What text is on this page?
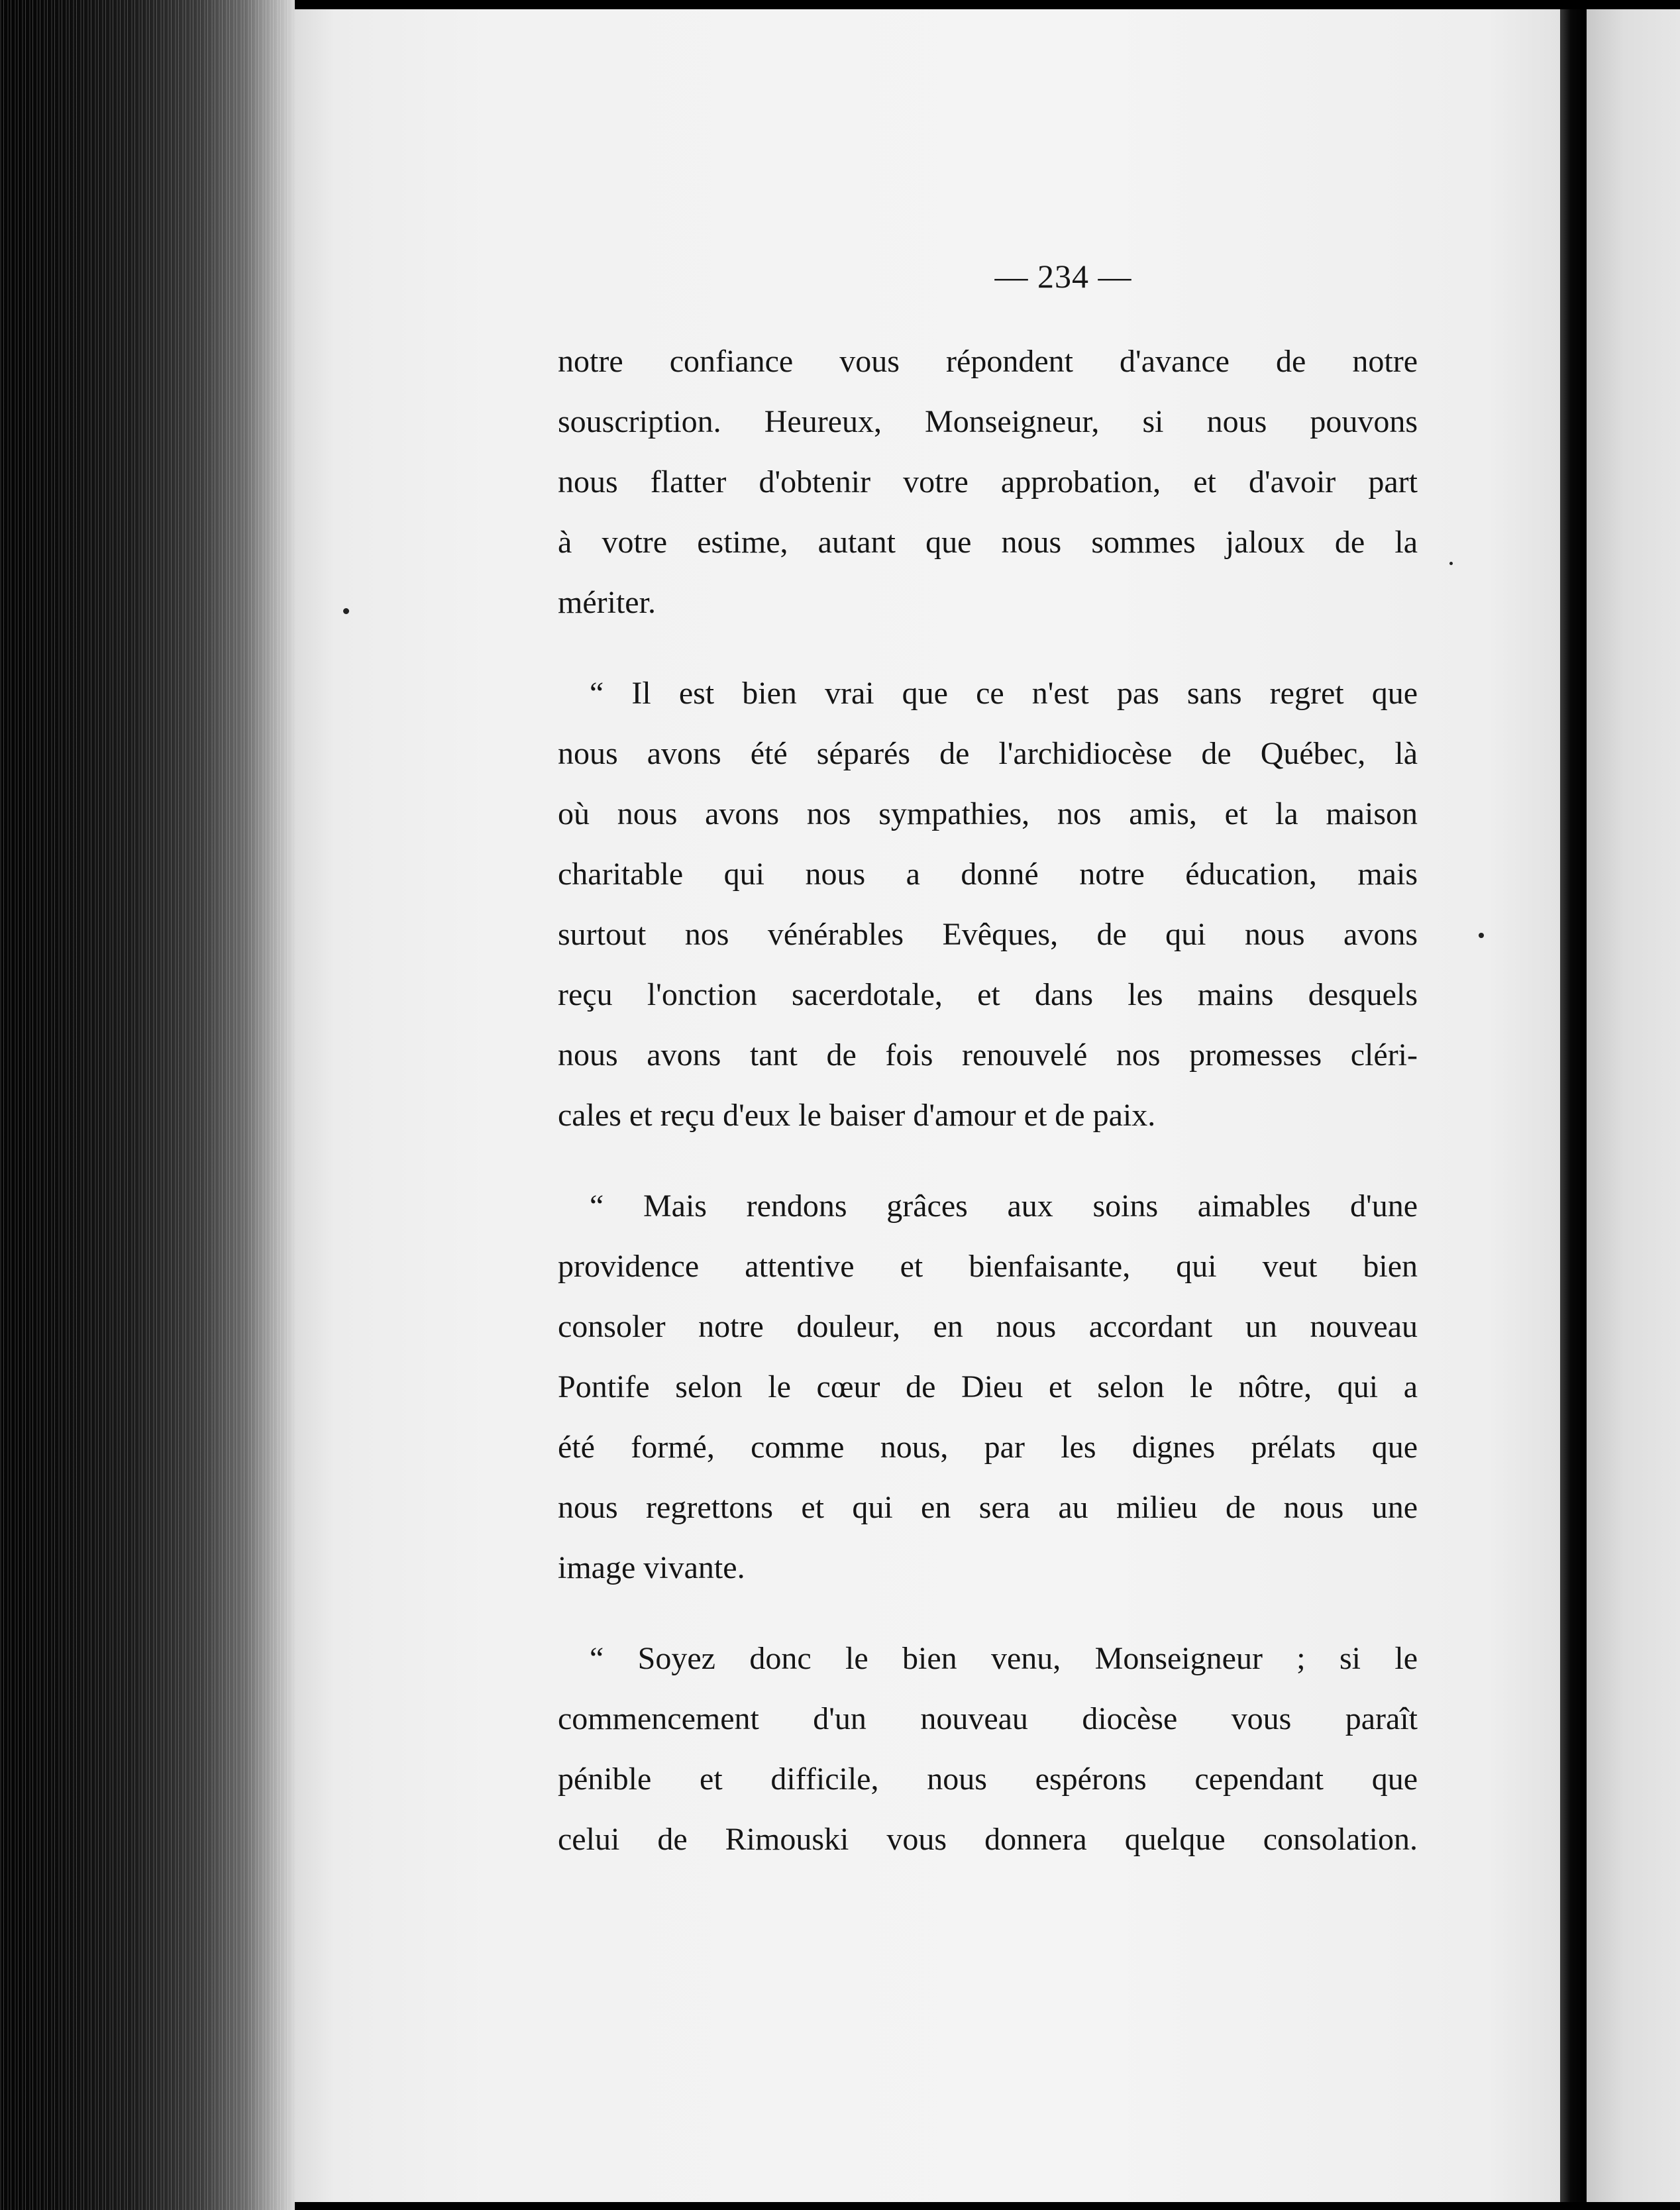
— 234 —
notre confiance vous répondent d'avance de notre
souscription. Heureux, Monseigneur, si nous pouvons
nous flatter d'obtenir votre approbation, et d'avoir part
à votre estime, autant que nous sommes jaloux de la
mériter.
“ Il est bien vrai que ce n'est pas sans regret que
nous avons été séparés de l'archidiocèse de Québec, là
où nous avons nos sympathies, nos amis, et la maison
charitable qui nous a donné notre éducation, mais
surtout nos vénérables Evêques, de qui nous avons
reçu l'onction sacerdotale, et dans les mains desquels
nous avons tant de fois renouvelé nos promesses cléri-
cales et reçu d'eux le baiser d'amour et de paix.
“ Mais rendons grâces aux soins aimables d'une
providence attentive et bienfaisante, qui veut bien
consoler notre douleur, en nous accordant un nouveau
Pontife selon le cœur de Dieu et selon le nôtre, qui a
été formé, comme nous, par les dignes prélats que
nous regrettons et qui en sera au milieu de nous une
image vivante.
“ Soyez donc le bien venu, Monseigneur ; si le
commencement d'un nouveau diocèse vous paraît
pénible et difficile, nous espérons cependant que
celui de Rimouski vous donnera quelque consolation.
